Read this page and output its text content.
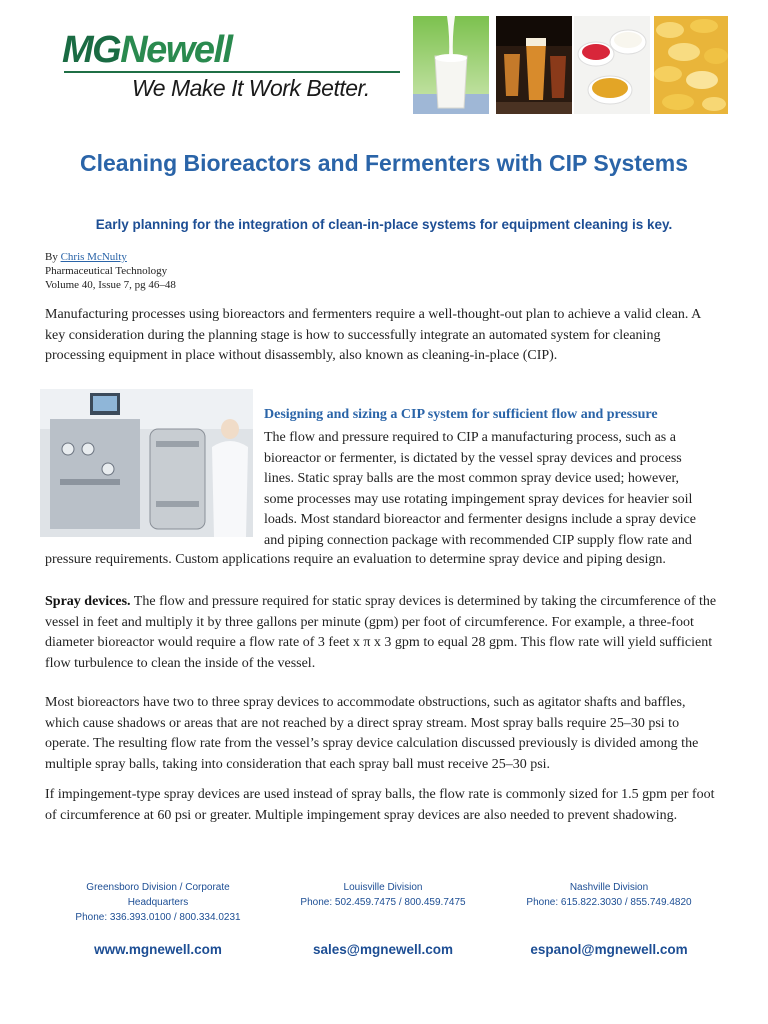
MGNewell
We Make It Work Better.
Cleaning Bioreactors and Fermenters with CIP Systems
Early planning for the integration of clean-in-place systems for equipment cleaning is key.
By Chris McNulty
Pharmaceutical Technology
Volume 40, Issue 7, pg 46–48

Manufacturing processes using bioreactors and fermenters require a well-thought-out plan to achieve a valid clean. A key consideration during the planning stage is how to successfully integrate an automated system for cleaning processing equipment in place without disassembly, also known as cleaning-in-place (CIP).

Designing and sizing a CIP system for sufficient flow and pressure
The flow and pressure required to CIP a manufacturing process, such as a
bioreactor or fermenter, is dictated by the vessel spray devices and process
lines. Static spray balls are the most common spray device used; however,
some processes may use rotating impingement spray devices for heavier soil
loads. Most standard bioreactor and fermenter designs include a spray device
and piping connection package with recommended CIP supply flow rate and
pressure requirements. Custom applications require an evaluation to determine spray device and piping design.

Spray devices. The flow and pressure required for static spray devices is determined by taking the circumference of the vessel in feet and multiply it by three gallons per minute (gpm) per foot of circumference. For example, a three-foot diameter bioreactor would require a flow rate of 3 feet x π x 3 gpm to equal 28 gpm. This flow rate will yield sufficient flow turbulence to clean the inside of the vessel.

Most bioreactors have two to three spray devices to accommodate obstructions, such as agitator shafts and baffles, which cause shadows or areas that are not reached by a direct spray stream. Most spray balls require 25–30 psi to operate. The resulting flow rate from the vessel’s spray device calculation discussed previously is divided among the multiple spray balls, taking into consideration that each spray ball must receive 25–30 psi.

If impingement-type spray devices are used instead of spray balls, the flow rate is commonly sized for 1.5 gpm per foot of circumference at 60 psi or greater. Multiple impingement spray devices are also needed to prevent shadowing.

Greensboro Division / Corporate
Headquarters
Phone: 336.393.0100 / 800.334.0231
Louisville Division
Phone: 502.459.7475 / 800.459.7475
Nashville Division
Phone: 615.822.3030 / 855.749.4820
www.mgnewell.com	sales@mgnewell.com	espanol@mgnewell.com
